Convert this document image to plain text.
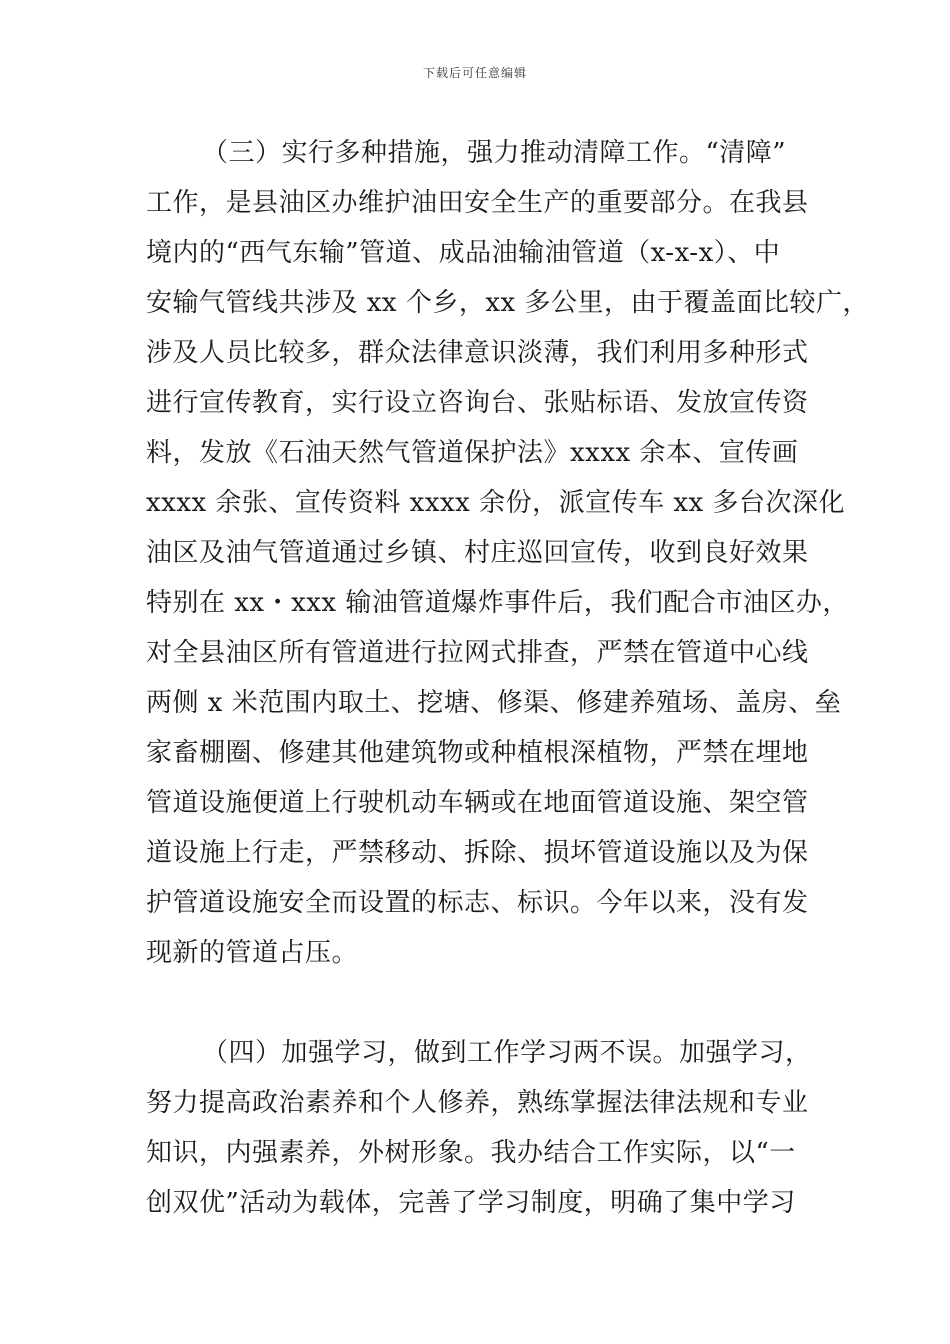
下载后可任意编辑
（三）实行多种措施，强力推动清障工作。“清障”
工作，是县油区办维护油田安全生产的重要部分。在我县
境内的“西气东输”管道、成品油输油管道（x-x-x）、中
安输气管线共涉及 xx 个乡，xx 多公里，由于覆盖面比较广，
涉及人员比较多，群众法律意识淡薄，我们利用多种形式
进行宣传教育，实行设立咨询台、张贴标语、发放宣传资
料，发放《石油天然气管道保护法》xxxx 余本、宣传画
xxxx 余张、宣传资料 xxxx 余份，派宣传车 xx 多台次深化
油区及油气管道通过乡镇、村庄巡回宣传，收到良好效果
特别在 xx・xxx 输油管道爆炸事件后，我们配合市油区办，
对全县油区所有管道进行拉网式排查，严禁在管道中心线
两侧 x 米范围内取土、挖塘、修渠、修建养殖场、盖房、垒
家畜棚圈、修建其他建筑物或种植根深植物，严禁在埋地
管道设施便道上行驶机动车辆或在地面管道设施、架空管
道设施上行走，严禁移动、拆除、损坏管道设施以及为保
护管道设施安全而设置的标志、标识。今年以来，没有发
现新的管道占压。
（四）加强学习，做到工作学习两不误。加强学习，
努力提高政治素养和个人修养，熟练掌握法律法规和专业
知识，内强素养，外树形象。我办结合工作实际，以“一
创双优”活动为载体，完善了学习制度，明确了集中学习
